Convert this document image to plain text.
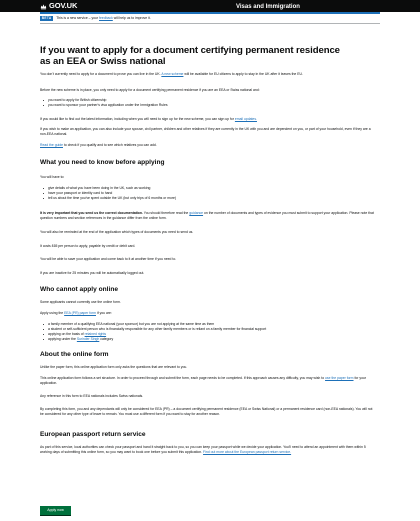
GOV.UK	Visas and Immigration
BETA	This is a new service – your feedback will help us to improve it.
If you want to apply for a document certifying permanent residence as an EEA or Swiss national

You don't currently need to apply for a document to prove you can live in the UK. A new scheme will be available for EU citizens to apply to stay in the UK after it leaves the EU.

Before the new scheme is in place, you only need to apply for a document certifying permanent residence if you are an EEA or Swiss national and:

you want to apply for British citizenship
you want to sponsor your partner's visa application under the Immigration Rules

If you would like to find out the latest information, including when you will need to sign up for the new scheme, you can sign up for email updates.

If you wish to make an application, you can also include your spouse, civil partner, children and other relatives if they are currently in the UK with you and are dependent on you, or part of your household, even if they are a non-EEA national.

Read the guide to check if you qualify and to see which relatives you can add.

What you need to know before applying

You will have to:

give details of what you have been doing in the UK, such as working
have your passport or identity card to hand
tell us about the time you've spent outside the UK (but only trips of 6 months or more)

It is very important that you send us the correct documentation. You should therefore read the guidance on the number of documents and types of evidence you must submit to support your application. Please note that question numbers and section references in the guidance differ from the online form.

You will also be reminded at the end of the application which types of documents you need to send us.

It costs £65 per person to apply, payable by credit or debit card.

You will be able to save your application and come back to it at another time if you need to.

If you are inactive for 25 minutes you will be automatically logged out.

Who cannot apply online

Some applicants cannot currently use the online form.

Apply using the EEA (PR) paper form if you are:

a family member of a qualifying EEA national (your sponsor) but you are not applying at the same time as them
a student or self-sufficient person who is financially responsible for any other family members or is reliant on a family member for financial support
applying on the basis of retained rights
applying under the Surinder Singh category
About the online form

Unlike the paper form, this online application form only asks the questions that are relevant to you.

This online application form follows a set structure. In order to proceed through and submit the form, each page needs to be completed. If this approach causes any difficulty, you may wish to use the paper form for your application.

Any reference in this form to EEA nationals includes Swiss nationals.

By completing this form, you and any dependants will only be considered for EEA (PR) – a document certifying permanent residence (EEA or Swiss National) or a permanent residence card (non-EEA nationals). You will not be considered for any other type of leave to remain. You must use a different form if you want to stay for another reason.

European passport return service

As part of this service, local authorities can check your passport and hand it straight back to you, so you can keep your passport while we decide your application. You'll need to attend an appointment with them within 5 working days of submitting this online form, so you may want to book one before you submit this application. Find out more about the European passport return service.

Apply now
